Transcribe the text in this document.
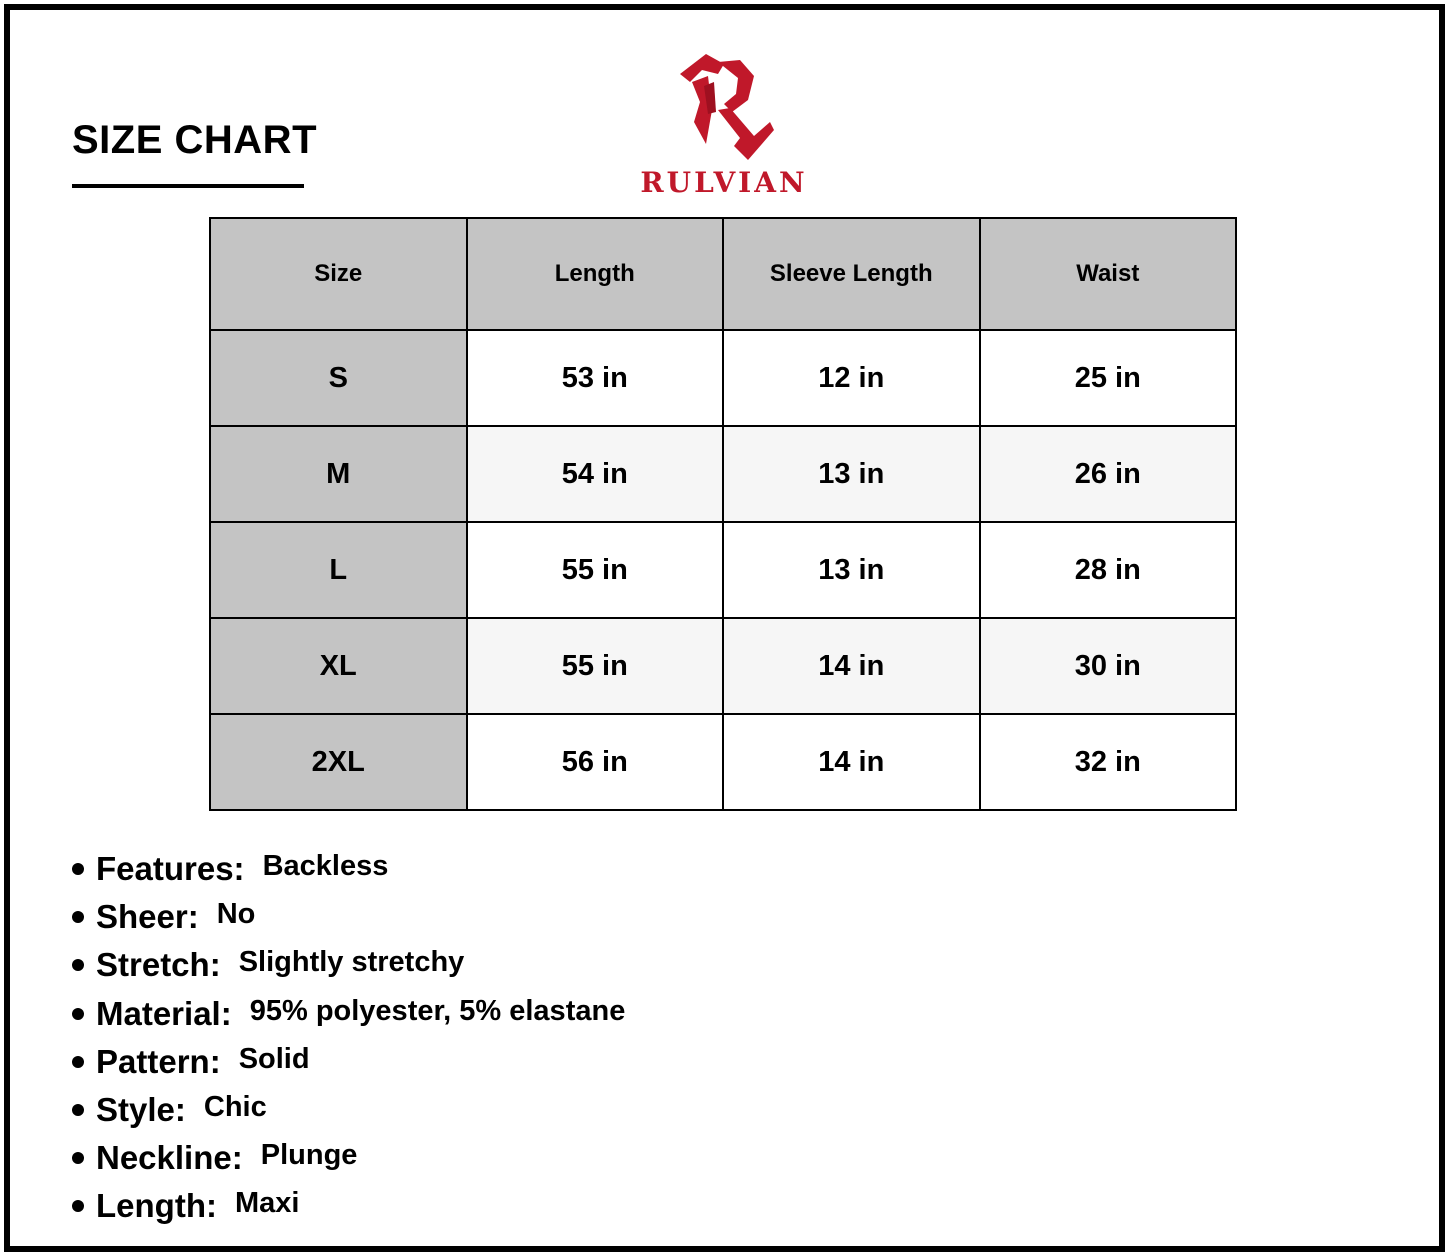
SIZE CHART
RULVIAN
Size	Length	Sleeve Length	Waist
S	53 in	12 in	25 in
M	54 in	13 in	26 in
L	55 in	13 in	28 in
XL	55 in	14 in	30 in
2XL	56 in	14 in	32 in
Features: Backless
Sheer: No
Stretch: Slightly stretchy
Material: 95% polyester, 5% elastane
Pattern: Solid
Style: Chic
Neckline: Plunge
Length: Maxi
